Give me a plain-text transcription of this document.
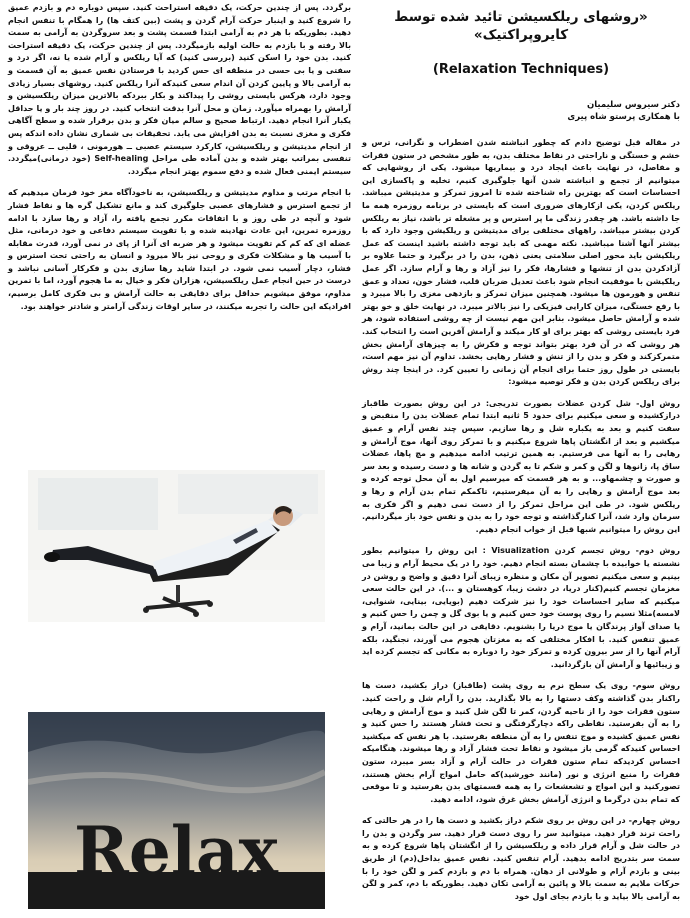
«روشهای ریلکسیشن تائید شده توسط کایروپراکتیک»
(Relaxation Techniques)
دکتر سیروس سلیمیان
با همکاری پرستو شاه پیری

در مقاله قبل توضیح دادم که چطور انباشته شدن اضطراب و نگرانی، ترس و خشم و خستگی و ناراحتی در نقاط مختلف بدن، به طور مشخص در ستون فقرات و مفاصل، در نهایت باعث ایجاد درد و بیماریها میشود. یکی از روشهایی که میتوانیم از تجمع و انباشته شدن آنها جلوگیری کنیم، تخلیه و پاکسازی این احساسات است که بهترین راه شناخته شده تا امروز تمرکز و مدیتیشن میباشد. ریلکس کردن، یکی ازکارهای ضروری است که بایستی در برنامه روزمره همه ما جا داشته باشد. هر چقدر زندگی ما پر استرس و پر مشغله تر باشد، نیاز به ریلکس کردن بیشتر میباشد. راههای مختلفی برای مدیتیشن و ریلکیشن وجود دارد که با بیشتر آنها آشنا میباشید. نکته مهمی که باید توجه داشته باشید اینست که عمل ریلکیشن باید محور اصلی سلامتی یعنی ذهن، بدن را در برگیرد و حتما علاوه بر آزادکردن بدن از تنشها و فشارها، فکر را نیز آزاد و رها و آرام سازد. اگر عمل ریلکیشن با موفقیت انجام شود باعث تعدیل ضربان قلب، فشار خون، تعداد و عمق تنفس و هورمون ها میشود. همچنین میزان تمرکز و بازدهی مغزی را بالا میبرد و با رفع خستگی، میزان کارایی فیزیکی را نیز بالاتر میبرد. در نهایت خلق و خو بهتر شده و آرامش حاصل میشود. بنابر این مهم نیست از چه روشی استفاده شود، هر فرد بایستی روشی که بهتر برای او کار میکند و آرامش آفرین است را انتخاب کند. هر روشی که در آن فرد بهتر بتواند توجه و فکرش را به چیزهای آرامش بخش متمرکزکند و فکر و بدن را از تنش و فشار رهایی بخشد. تداوم آن نیز مهم است، بایستی در طول روز حتما برای انجام آن زمانی را تعیین کرد. در اینجا چند روش برای ریلکس کردن بدن و فکر توصیه میشود:

روش اول- شل کردن عضلات بصورت تدریجی: در این روش بصورت طاقباز درازکشیده و سعی میکنیم برای حدود 5 ثانیه ابتدا تمام عضلات بدن را منقبض و سفت کنیم و بعد به یکباره شل و رها سازیم. سپس چند نفس آرام و عمیق میکشیم و بعد از انگشتان پاها شروع میکنیم و با تمرکز روی آنها، موج آرامش و رهایی را به آنها می فرستیم. به همین ترتیب ادامه میدهیم و مچ پاها، عضلات ساق پا، زانوها و لگن و کمر و شکم تا به گردن و شانه ها و دست رسیده و بعد سر و صورت و چشمهاو... و به هر قسمت که میرسیم اول به آن محل توجه کرده و بعد موج آرامش و رهایی را به آن میفرستیم، تاکمکم تمام بدن آرام و رها و ریلکس شود. در طی این مراحل تمرکز را از دست نمی دهیم و اگر فکری به سرمان وارد شد، آنرا کنارگذاشته و توجه خود را به بدن و نفس خود باز میگردانیم. این روش را میتوانیم شبها قبل از خواب انجام دهیم.

روش دوم- روش تجسم کردن Visualization : این روش را میتوانیم بطور نشسته یا خوابیده با چشمان بسته انجام دهیم. خود را در یک محیط آرام و زیبا می بینیم و سعی میکنیم تصویر آن مکان و منظره زیبای آنرا دقیق و واضح و روشن در مغزمان تجسم کنیم(کنار دریا، در دشت زیبا، کوهستان و ...). در این حالت سعی میکنیم که سایر احساسات خود را نیز شرکت دهیم (بویایی، بینایی، شنوایی، لامسه)مثلا نسیم را روی پوست خود حس کنیم و یا بوی گل و چمن را حس کنیم و یا صدای آواز پرندگان یا موج دریا را بشنویم. دقایقی در این حالت بمانید، آرام و عمیق تنفس کنید. با افکار مختلفی که به مغزتان هجوم می آورند، نجنگید، بلکه آرام آنها را از سر بیرون کرده و تمرکز خود را دوباره به مکانی که تجسم کرده اید و زیبائیها و آرامش آن بازگردانید.

روش سوم- روی یک سطح نرم به روی پشت (طاقباز) دراز بکشید، دست ها راکنار بدن گذاشته وکف دستها را به بالا بگذارید. بدن را آرام شل و راحت کنید. ستون فقرات خود را از ناحیه گردن، کمر تا لگن شل کنید و موج آرامش و رهایی را به آن بفرستید. نقاطی راکه دچارگرفتگی و تحت فشار هستند را حس کنید و نفس عمیق کشیده و موج تنفس را به آن منطقه بفرستید. با هر نفس که میکشید احساس کنیدکه گرمی باز میشود و نقاط تحت فشار آزاد و رها میشوند. هنگامیکه احساس کردیدکه تمام ستون فقرات در حالت آرام و آزاد بسر میبرد، ستون فقرات را منبع انرژی و نور (مانند خورشید)که حامل امواج آرام بخش هستند، تصورکنید و این امواج و تشعشعات را به همه قسمتهای بدن بفرستید و تا موقعی که تمام بدن درگرما و انرژی آرامش بخش غرق شود، ادامه دهید.

روش چهارم- در این روش بر روی شکم دراز بکشید و دست ها را در هر حالتی که راحت ترند قرار دهید. میتوانید سر را روی دست قرار دهید. سر وگردن و بدن را در حالت شل و آرام قرار داده و ریلکسیشن را از انگشتان پاها شروع کرده و به سمت سر بتدریج ادامه بدهید. آرام تنفس کنید. نفس عمیق بداخل(دم) از طریق بینی و بازدم آرام و طولانی از دهان. همراه با دم و بازدم کمر و لگن خود را با حرکات ملایم به سمت بالا و پائین به آرامی تکان دهید. بطوریکه با دم، کمر و لگن به آرامی بالا بیاید و با بازدم بجای اول خود

برگردد. پس از چندین حرکت، یک دقیقه استراحت کنید. سپس دوباره دم و بازدم عمیق را شروع کنید و اینبار حرکت آرام گردن و پشت (بین کتف ها) را همگام با تنفس انجام دهید. بطوریکه با هر دم به آرامی ابتدا قسمت پشت و بعد سروگردن به آرامی به سمت بالا رفته و با بازدم به حالت اولیه بازمیگردد. پس از چندین حرکت، یک دقیقه استراحت کنید. بدن خود را اسکن کنید (بررسی کنید) که آیا ریلکس و آرام شده یا نه، اگر درد و سفتی و یا بی حسی در منطقه ای حس کردید با فرستادن نفس عمیق به آن قسمت و به آرامی بالا و پایین کردن آن اندام سعی کنیدکه آنرا ریلکس کنید. روشهای بسیار زیادی وجود دارد، هرکس بایستی روشی را پیداکند و بکار ببردکه بالاترین میزان ریلکسیشن و آرامش را بهمراه میآورد. زمان و محل آنرا بدقت انتخاب کنید. در روز چند بار و یا حداقل یکبار آنرا انجام دهید. ارتباط صحیح و سالم میان فکر و بدن برقرار شده و سطح آگاهی فکری و مغزی نسبت به بدن افزایش می یابد. تحقیقات بی شماری نشان داده اندکه پس از انجام مدیتیشن و ریلکسیشن، کارکرد سیستم عصبی ــ هورمونی ، قلبی ــ عروقی و تنفسی بمراتب بهتر شده و بدن آماده طی مراحل Self-healing (خود درمانی)میگردد. سیستم ایمنی فعال شده و دفع سموم بهتر انجام میگردد.

با انجام مرتب و مداوم مدیتیشن و ریلکسیشن، به ناخودآگاه مغز خود فرمان میدهیم که از تجمع استرس و فشارهای عصبی جلوگیری کند و مانع تشکیل گره ها و نقاط فشار شود و آنچه در طی روز و با اتفاقات مکرر تجمع یافته را، آزاد و رها سازد با ادامه روزمره تمرین، این عادت نهادینه شده و با تقویت سیستم دفاعی و خود درمانی، مثل عضله ای که کم کم تقویت میشود و هر ضربه ای آنرا از پای در نمی آورد، قدرت مقابله با آسیب ها و مشکلات فکری و روحی نیز بالا میرود و انسان به راحتی تحت استرس و فشار، دچار آسیب نمی شود. در ابتدا شاید رها سازی بدن و فکرکار آسانی نباشد و درست در حین انجام عمل ریلکسیشن، هزاران فکر و خیال به ما هجوم آورد، اما با تمرین مداوم، موفق میشویم حداقل برای دقایقی به حالت آرامش و بی فکری کامل برسیم، افرادیکه این حالت را تجربه میکنند، در سایر اوقات زندگی آرامتر و شادتر خواهند بود.

Relax
